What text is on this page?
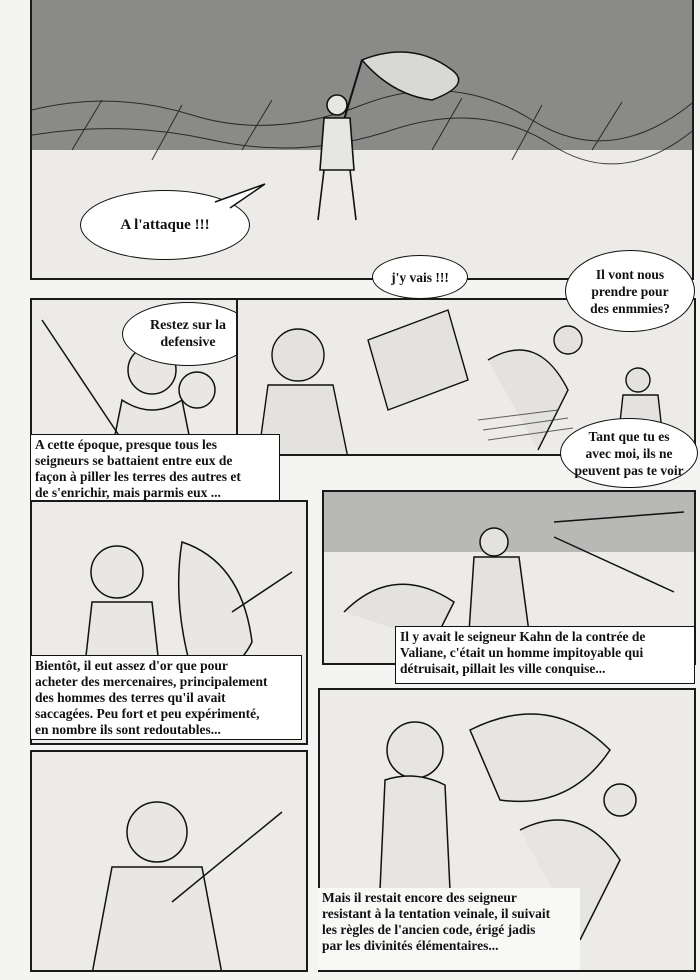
A l'attaque !!!
Restez sur la
defensive
j'y vais !!!	Il vont nous
prendre pour
des enmmies?
Tant que tu es
avec moi, ils ne
peuvent pas te voir
A cette époque, presque tous les
seigneurs se battaient entre eux de
façon à piller les terres des autres et
de s'enrichir, mais parmis eux ...
Il y avait le seigneur Kahn de la contrée de
Valiane, c'était un homme impitoyable qui
détruisait, pillait les ville conquise...
Bientôt, il eut assez d'or que pour
acheter des mercenaires, principalement
des hommes des terres qu'il avait
saccagées. Peu fort et peu expérimenté,
en nombre ils sont redoutables...
Mais il restait encore des seigneur
resistant à la tentation veinale, il suivait
les règles de l'ancien code, érigé jadis
par les divinités élémentaires...
